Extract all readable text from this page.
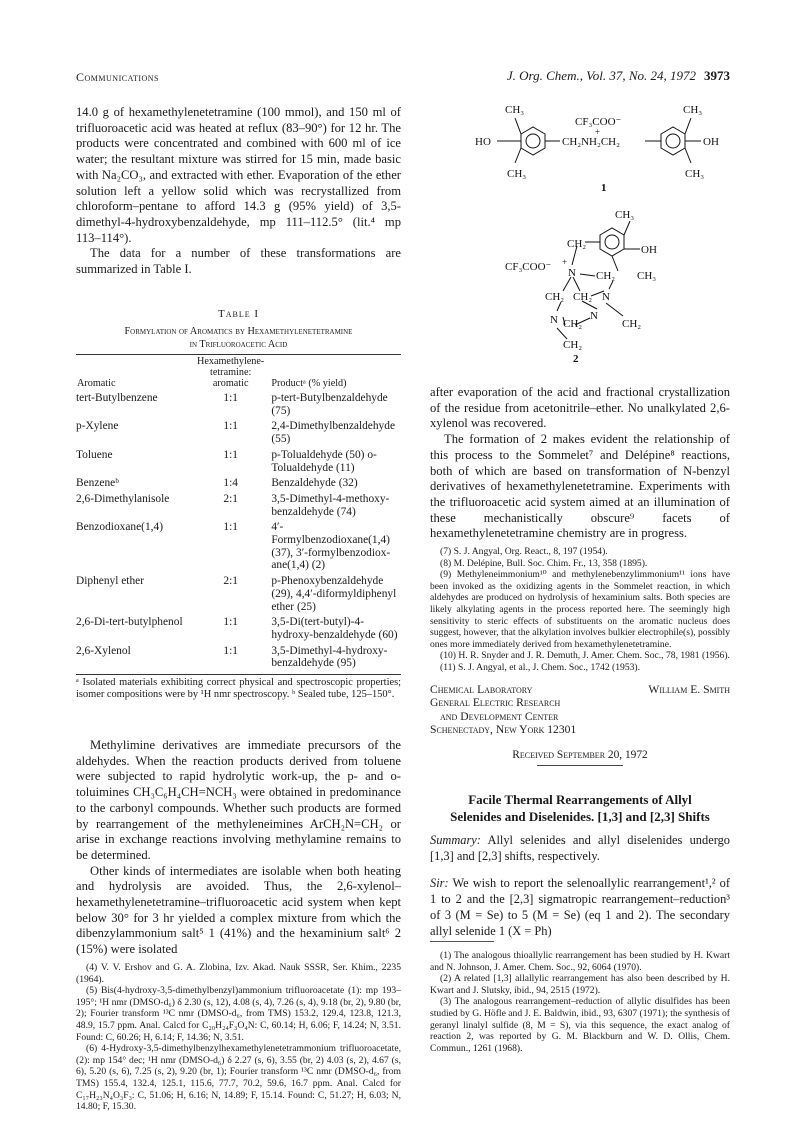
Communications	J. Org. Chem., Vol. 37, No. 24, 1972 3973

14.0 g of hexamethylenetetramine (100 mmol), and 150 ml of trifluoroacetic acid was heated at reflux (83–90°) for 12 hr. The products were concentrated and combined with 600 ml of ice water; the resultant mixture was stirred for 15 min, made basic with Na₂CO₃, and extracted with ether. Evaporation of the ether solution left a yellow solid which was recrystallized from chloroform–pentane to afford 14.3 g (95% yield) of 3,5-dimethyl-4-hydroxybenzaldehyde, mp 111–112.5° (lit.⁴ mp 113–114°).

The data for a number of these transformations are summarized in Table I.

Table I
Formylation of Aromatics by Hexamethylenetetramine
in Trifluoroacetic Acid
Aromatic	Hexamethylene-tetramine: aromatic	Productᵃ (% yield)
tert-Butylbenzene	1:1	p-tert-Butylbenzaldehyde (75)
p-Xylene	1:1	2,4-Dimethylbenzaldehyde (55)
Toluene	1:1	p-Tolualdehyde (50) o-Tolualdehyde (11)
Benzeneᵇ	1:4	Benzaldehyde (32)
2,6-Dimethylanisole	2:1	3,5-Dimethyl-4-methoxy-benzaldehyde (74)
Benzodioxane(1,4)	1:1	4′-Formylbenzodioxane(1,4) (37), 3′-formylbenzodiox-ane(1,4) (2)
Diphenyl ether	2:1	p-Phenoxybenzaldehyde (29), 4,4′-diformyldiphenyl ether (25)
2,6-Di-tert-butylphenol	1:1	3,5-Di(tert-butyl)-4-hydroxy-benzaldehyde (60)
2,6-Xylenol	1:1	3,5-Dimethyl-4-hydroxy-benzaldehyde (95)
ᵃ Isolated materials exhibiting correct physical and spectroscopic properties; isomer compositions were by ¹H nmr spectroscopy. ᵇ Sealed tube, 125–150°.

Methylimine derivatives are immediate precursors of the aldehydes. When the reaction products derived from toluene were subjected to rapid hydrolytic work-up, the p- and o-toluimines CH₃C₆H₄CH=NCH₃ were obtained in predominance to the carbonyl compounds. Whether such products are formed by rearrangement of the methyleneimines ArCH₂N=CH₂ or arise in exchange reactions involving methylamine remains to be determined.

Other kinds of intermediates are isolable when both heating and hydrolysis are avoided. Thus, the 2,6-xylenol–hexamethylenetetramine–trifluoroacetic acid system when kept below 30° for 3 hr yielded a complex mixture from which the dibenzylammonium salt⁵ 1 (41%) and the hexaminium salt⁶ 2 (15%) were isolated

(4) V. V. Ershov and G. A. Zlobina, Izv. Akad. Nauk SSSR, Ser. Khim., 2235 (1964).

(5) Bis(4-hydroxy-3,5-dimethylbenzyl)ammonium trifluoroacetate (1): mp 193–195°; ¹H nmr (DMSO-d₆) δ 2.30 (s, 12), 4.08 (s, 4), 7.26 (s, 4), 9.18 (br, 2), 9.80 (br, 2); Fourier transform ¹³C nmr (DMSO-d₆, from TMS) 153.2, 129.4, 123.8, 121.3, 48.9, 15.7 ppm. Anal. Calcd for C₂₀H₂₄F₃O₄N: C, 60.14; H, 6.06; F, 14.24; N, 3.51. Found: C, 60.26; H, 6.14; F, 14.36; N, 3.51.

(6) 4-Hydroxy-3,5-dimethylbenzylhexamethylenetetrammonium trifluoroacetate, (2): mp 154° dec; ¹H nmr (DMSO-d₆) δ 2.27 (s, 6), 3.55 (br, 2) 4.03 (s, 2), 4.67 (s, 6), 5.20 (s, 6), 7.25 (s, 2), 9.20 (br, 1); Fourier transform ¹³C nmr (DMSO-d₆, from TMS) 155.4, 132.4, 125.1, 115.6, 77.7, 70.2, 59.6, 16.7 ppm. Anal. Calcd for C₁₇H₂₃N₄O₃F₃: C, 51.06; H, 6.16; N, 14.89; F, 15.14. Found: C, 51.27; H, 6.03; N, 14.80; F, 15.30.

CH₃	CH₃
CH₃	CH₃
CF₃COO⁻
+
HO	OH
CH₂NH₂CH₂
1
CH₃
CH₃
CH₂	OH
CF₃COO⁻ +
N CH₂
CH₂ CH₂ N
N CH₂
N
CH₂
CH₂
2

after evaporation of the acid and fractional crystallization of the residue from acetonitrile–ether. No unalkylated 2,6-xylenol was recovered.

The formation of 2 makes evident the relationship of this process to the Sommelet⁷ and Delépine⁸ reactions, both of which are based on transformation of N-benzyl derivatives of hexamethylenetetramine. Experiments with the trifluoroacetic acid system aimed at an illumination of these mechanistically obscure⁹ facets of hexamethylenetetramine chemistry are in progress.

(7) S. J. Angyal, Org. React., 8, 197 (1954).

(8) M. Delépine, Bull. Soc. Chim. Fr., 13, 358 (1895).

(9) Methyleneimmonium¹⁰ and methylenebenzylimmonium¹¹ ions have been invoked as the oxidizing agents in the Sommelet reaction, in which aldehydes are produced on hydrolysis of hexaminium salts. Both species are likely alkylating agents in the process reported here. The seemingly high sensitivity to steric effects of substituents on the aromatic nucleus does suggest, however, that the alkylation involves bulkier electrophile(s), possibly ones more immediately derived from hexamethylenetetramine.

(10) H. R. Snyder and J. R. Demuth, J. Amer. Chem. Soc., 78, 1981 (1956).

(11) S. J. Angyal, et al., J. Chem. Soc., 1742 (1953).

Chemical Laboratory
General Electric Research
and Development Center
Schenectady, New York 12301
William E. Smith
Received September 20, 1972
Facile Thermal Rearrangements of Allyl
Selenides and Diselenides. [1,3] and [2,3] Shifts

Summary: Allyl selenides and allyl diselenides undergo [1,3] and [2,3] shifts, respectively.

Sir: We wish to report the selenoallylic rearrangement¹,² of 1 to 2 and the [2,3] sigmatropic rearrangement–reduction³ of 3 (M = Se) to 5 (M = Se) (eq 1 and 2). The secondary allyl selenide 1 (X = Ph)

(1) The analogous thioallylic rearrangement has been studied by H. Kwart and N. Johnson, J. Amer. Chem. Soc., 92, 6064 (1970).

(2) A related [1,3] allallylic rearrangement has also been described by H. Kwart and J. Slutsky, ibid., 94, 2515 (1972).

(3) The analogous rearrangement–reduction of allylic disulfides has been studied by G. Höfle and J. E. Baldwin, ibid., 93, 6307 (1971); the synthesis of geranyl linalyl sulfide (8, M = S), via this sequence, the exact analog of reaction 2, was reported by G. M. Blackburn and W. D. Ollis, Chem. Commun., 1261 (1968).
